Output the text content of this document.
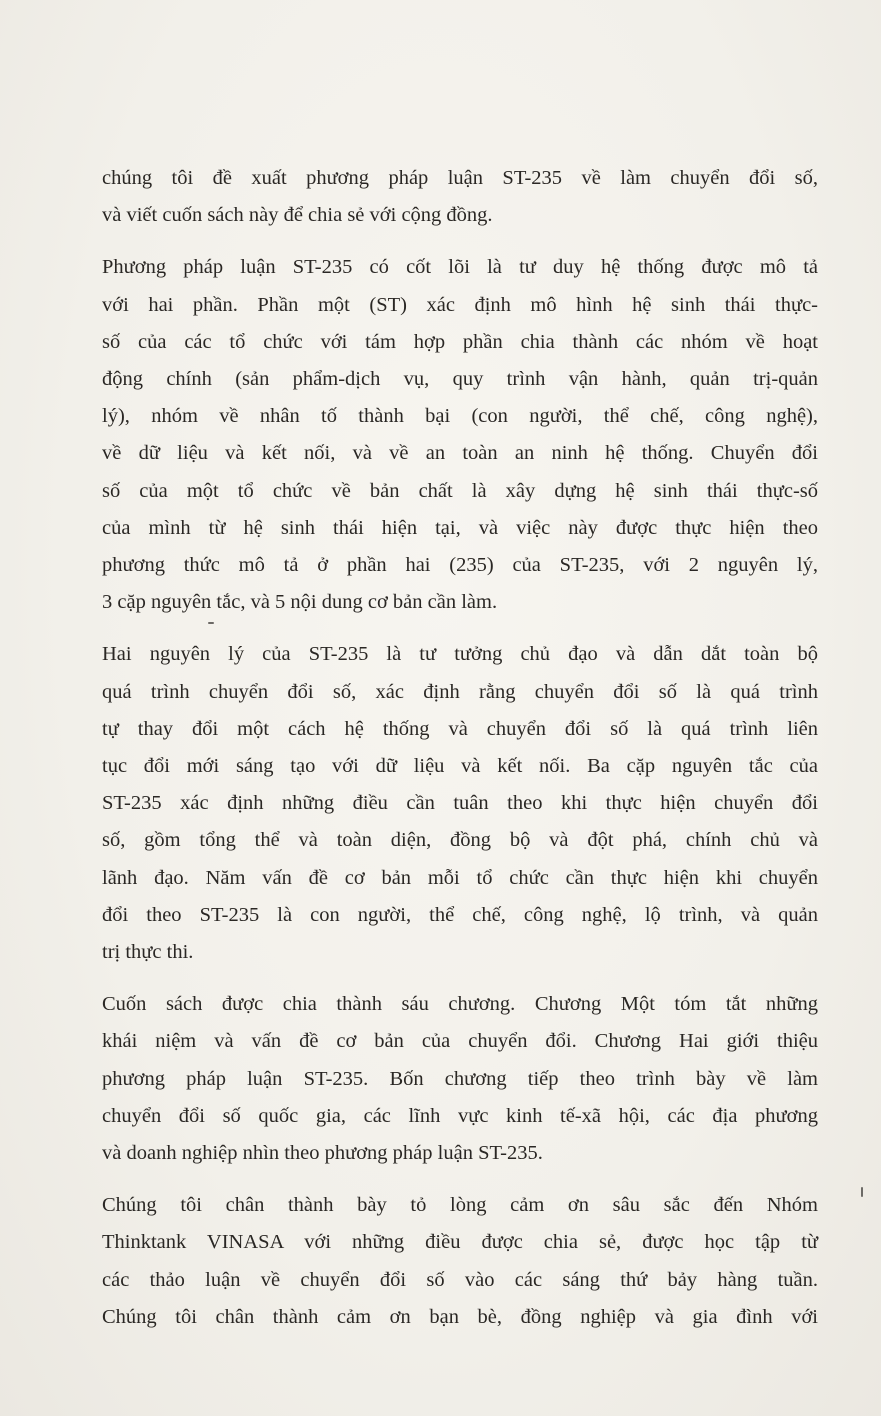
chúng tôi đề xuất phương pháp luận ST-235 về làm chuyển đổi số,
và viết cuốn sách này để chia sẻ với cộng đồng.
Phương pháp luận ST-235 có cốt lõi là tư duy hệ thống được mô tả
với hai phần. Phần một (ST) xác định mô hình hệ sinh thái thực-
số của các tổ chức với tám hợp phần chia thành các nhóm về hoạt
động chính (sản phẩm-dịch vụ, quy trình vận hành, quản trị-quản
lý), nhóm về nhân tố thành bại (con người, thể chế, công nghệ),
về dữ liệu và kết nối, và về an toàn an ninh hệ thống. Chuyển đổi
số của một tổ chức về bản chất là xây dựng hệ sinh thái thực-số
của mình từ hệ sinh thái hiện tại, và việc này được thực hiện theo
phương thức mô tả ở phần hai (235) của ST-235, với 2 nguyên lý,
3 cặp nguyên tắc, và 5 nội dung cơ bản cần làm.
Hai nguyên lý của ST-235 là tư tưởng chủ đạo và dẫn dắt toàn bộ
quá trình chuyển đổi số, xác định rằng chuyển đổi số là quá trình
tự thay đổi một cách hệ thống và chuyển đổi số là quá trình liên
tục đổi mới sáng tạo với dữ liệu và kết nối. Ba cặp nguyên tắc của
ST-235 xác định những điều cần tuân theo khi thực hiện chuyển đổi
số, gồm tổng thể và toàn diện, đồng bộ và đột phá, chính chủ và
lãnh đạo. Năm vấn đề cơ bản mỗi tổ chức cần thực hiện khi chuyển
đổi theo ST-235 là con người, thể chế, công nghệ, lộ trình, và quản
trị thực thi.
Cuốn sách được chia thành sáu chương. Chương Một tóm tắt những
khái niệm và vấn đề cơ bản của chuyển đổi. Chương Hai giới thiệu
phương pháp luận ST-235. Bốn chương tiếp theo trình bày về làm
chuyển đổi số quốc gia, các lĩnh vực kinh tế-xã hội, các địa phương
và doanh nghiệp nhìn theo phương pháp luận ST-235.
Chúng tôi chân thành bày tỏ lòng cảm ơn sâu sắc đến Nhóm
Thinktank VINASA với những điều được chia sẻ, được học tập từ
các thảo luận về chuyển đổi số vào các sáng thứ bảy hàng tuần.
Chúng tôi chân thành cảm ơn bạn bè, đồng nghiệp và gia đình với
